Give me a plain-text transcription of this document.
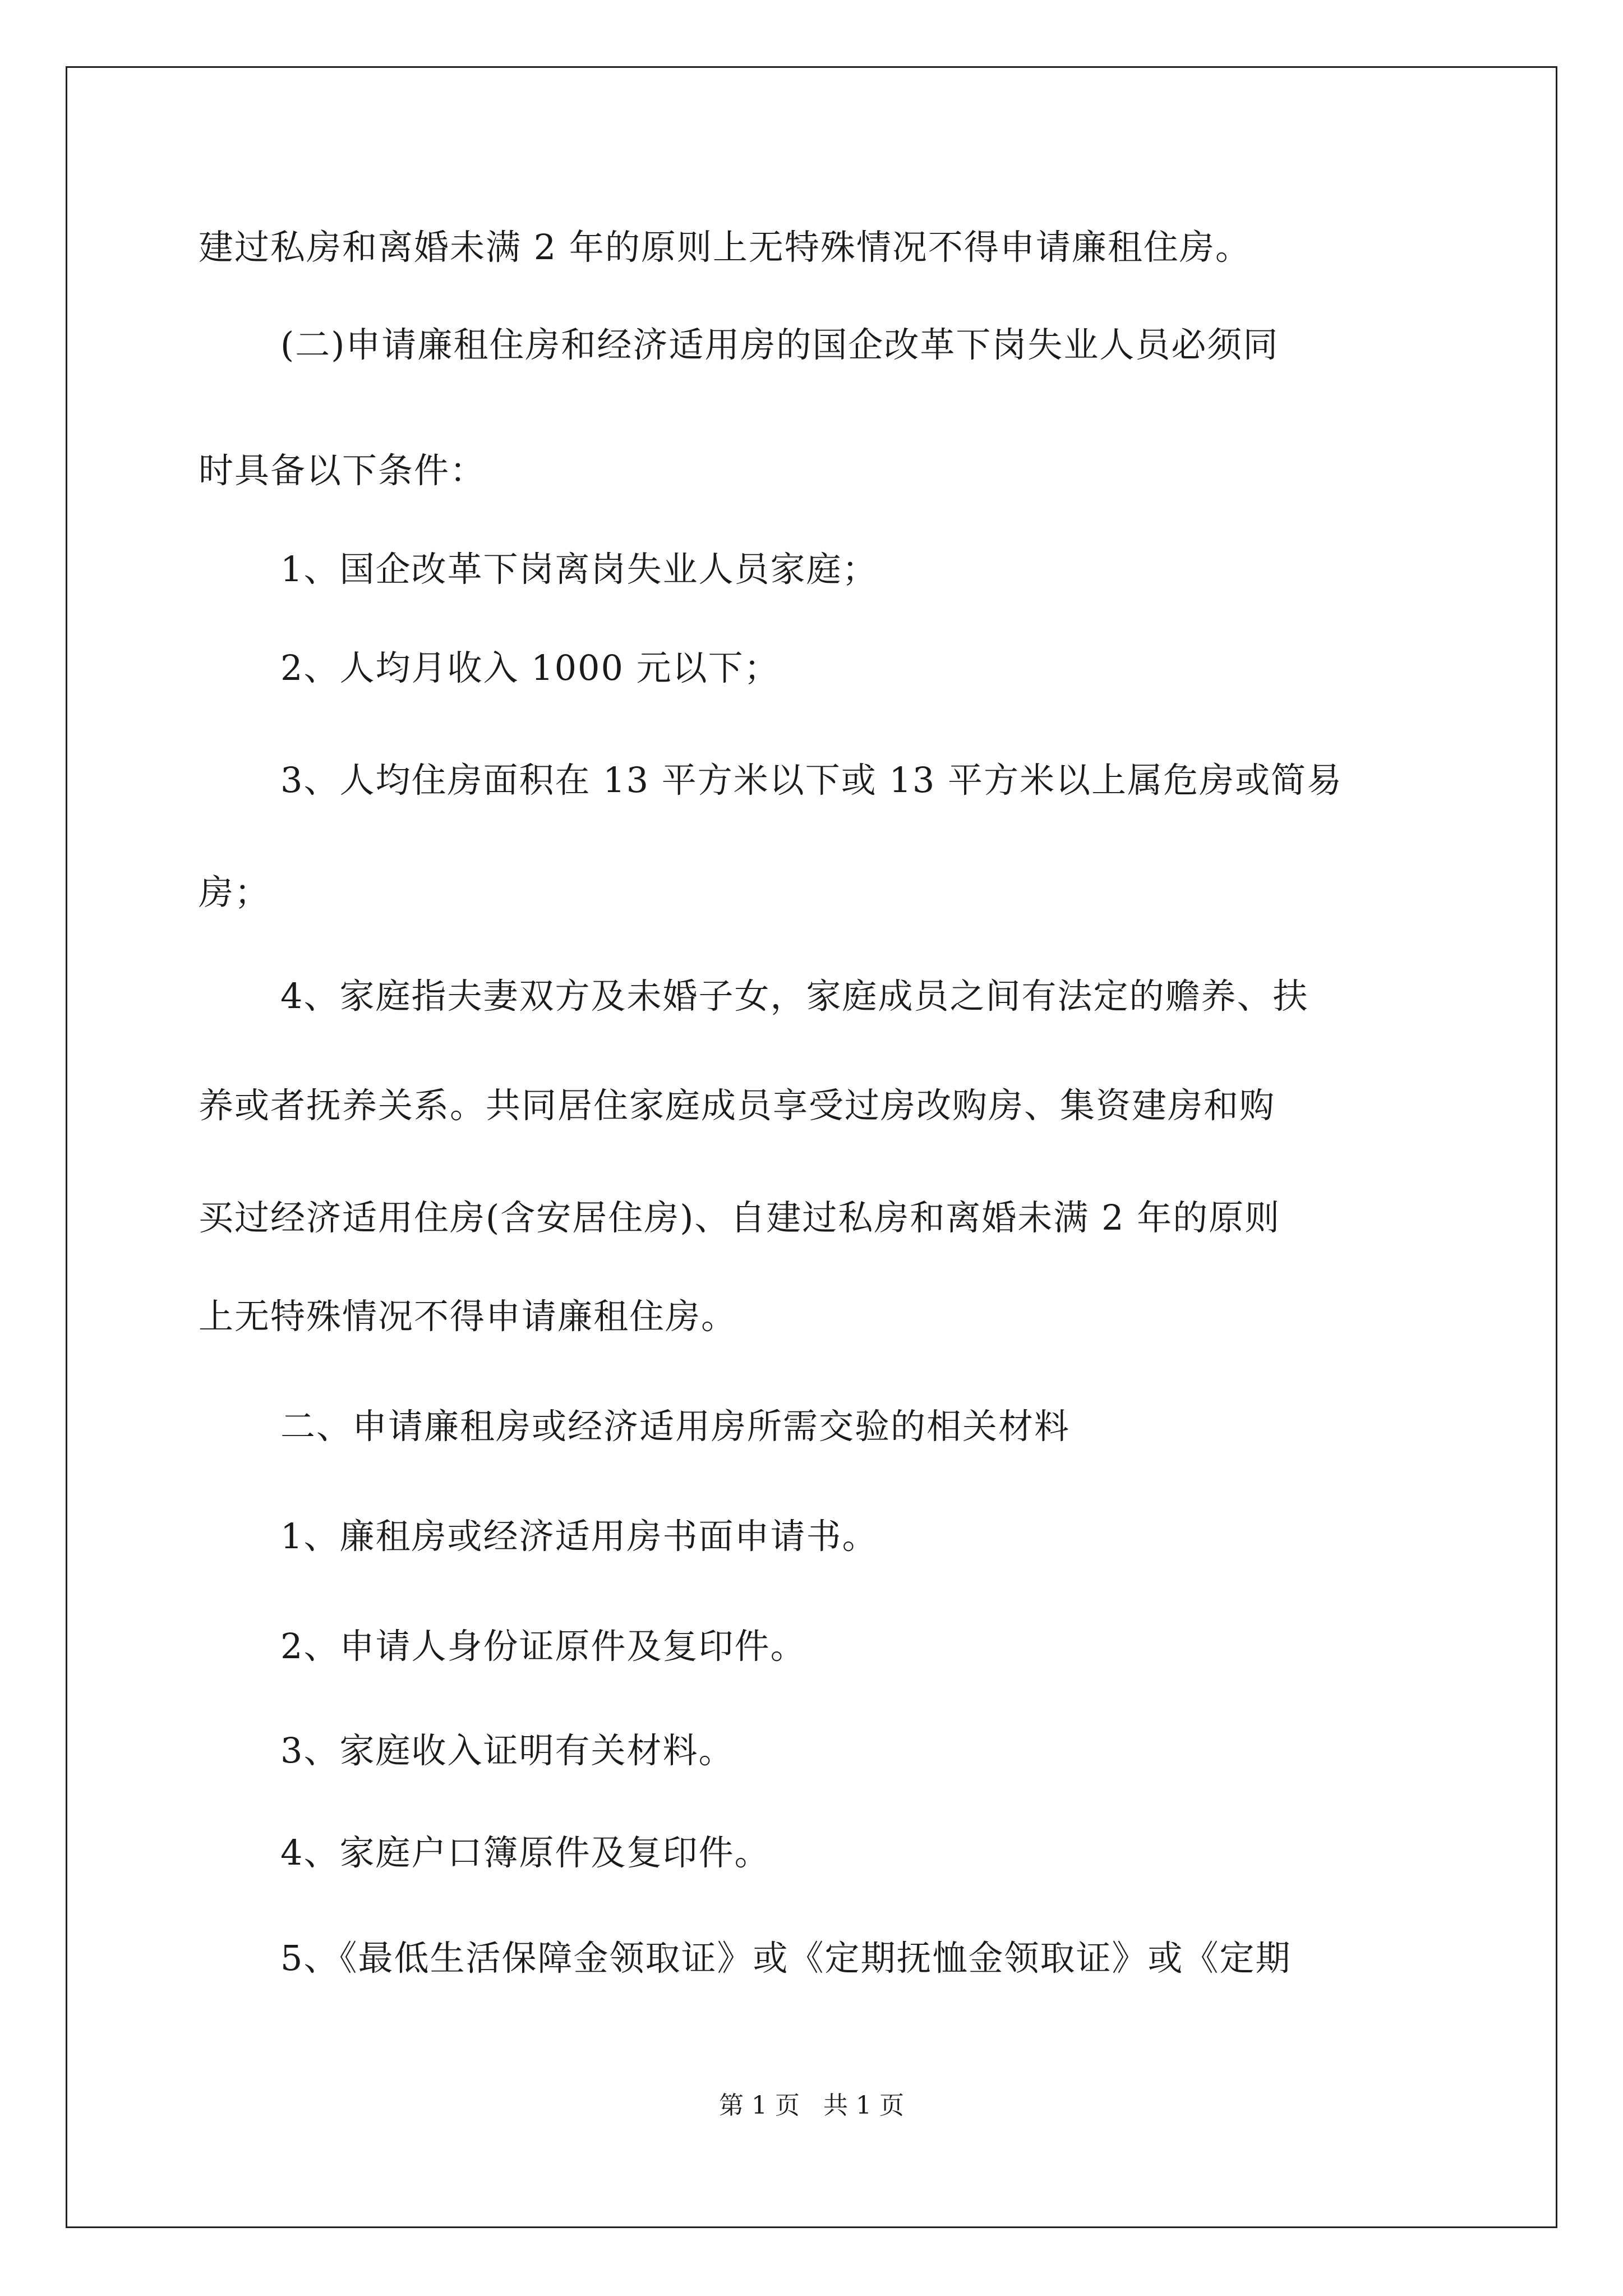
建过私房和离婚未满 2 年的原则上无特殊情况不得申请廉租住房。
(二)申请廉租住房和经济适用房的国企改革下岗失业人员必须同
时具备以下条件：
1、国企改革下岗离岗失业人员家庭；
2、人均月收入 1000 元以下；
3、人均住房面积在 13 平方米以下或 13 平方米以上属危房或简易
房；
4、家庭指夫妻双方及未婚子女，家庭成员之间有法定的赡养、扶
养或者抚养关系。共同居住家庭成员享受过房改购房、集资建房和购
买过经济适用住房(含安居住房)、自建过私房和离婚未满 2 年的原则
上无特殊情况不得申请廉租住房。
二、申请廉租房或经济适用房所需交验的相关材料
1、廉租房或经济适用房书面申请书。
2、申请人身份证原件及复印件。
3、家庭收入证明有关材料。
4、家庭户口簿原件及复印件。
5、《最低生活保障金领取证》或《定期抚恤金领取证》或《定期
第 1 页   共 1 页
